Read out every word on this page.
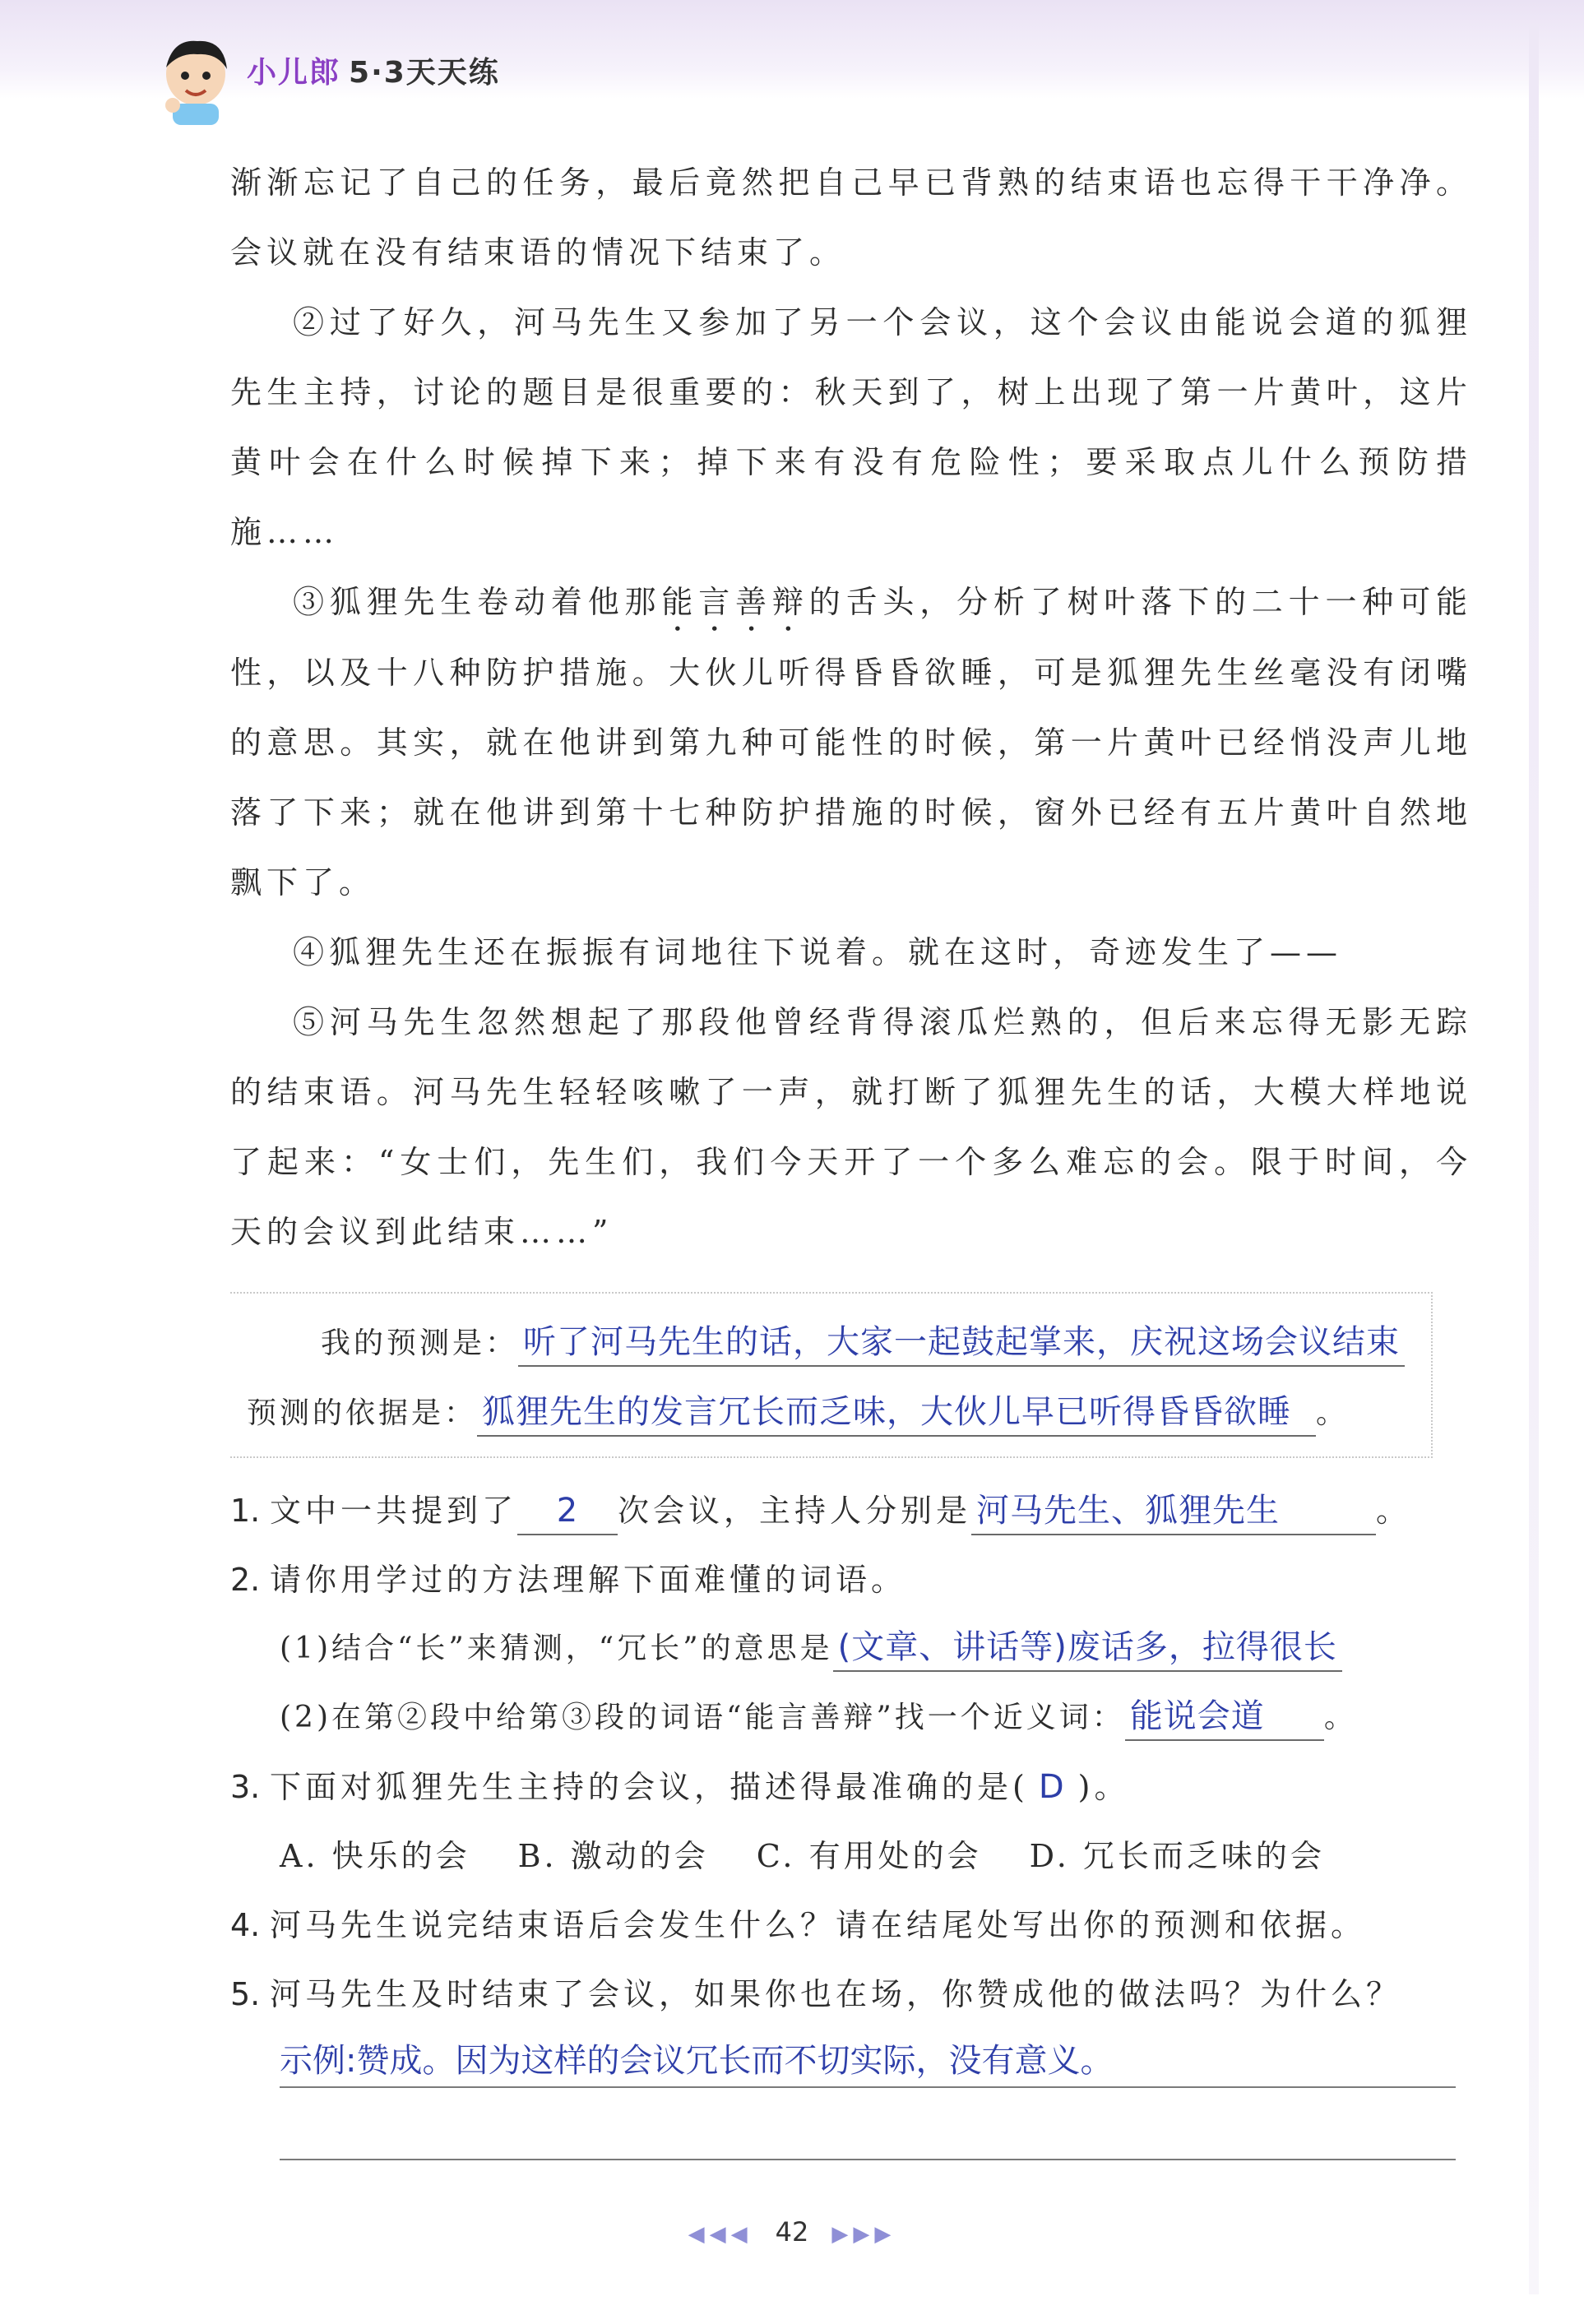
小儿郎 5·3天天练

渐渐忘记了自己的任务，最后竟然把自己早已背熟的结束语也忘得干干净净。会议就在没有结束语的情况下结束了。

②过了好久，河马先生又参加了另一个会议，这个会议由能说会道的狐狸先生主持，讨论的题目是很重要的：秋天到了，树上出现了第一片黄叶，这片黄叶会在什么时候掉下来；掉下来有没有危险性；要采取点儿什么预防措施……

③狐狸先生卷动着他那能言善辩的舌头，分析了树叶落下的二十一种可能性，以及十八种防护措施。大伙儿听得昏昏欲睡，可是狐狸先生丝毫没有闭嘴的意思。其实，就在他讲到第九种可能性的时候，第一片黄叶已经悄没声儿地落了下来；就在他讲到第十七种防护措施的时候，窗外已经有五片黄叶自然地飘下了。

④狐狸先生还在振振有词地往下说着。就在这时，奇迹发生了——

⑤河马先生忽然想起了那段他曾经背得滚瓜烂熟的，但后来忘得无影无踪的结束语。河马先生轻轻咳嗽了一声，就打断了狐狸先生的话，大模大样地说了起来：“女士们，先生们，我们今天开了一个多么难忘的会。限于时间，今天的会议到此结束……”

我的预测是： 听了河马先生的话，大家一起鼓起掌来，庆祝这场会议结束
预测的依据是： 狐狸先生的发言冗长而乏味，大伙儿早已听得昏昏欲睡 。
1. 文中一共提到了 2 次会议，主持人分别是 河马先生、狐狸先生	。
2. 请你用学过的方法理解下面难懂的词语。
(1)结合“长”来猜测，“冗长”的意思是 (文章、讲话等)废话多，拉得很长
(2)在第②段中给第③段的词语“能言善辩”找一个近义词： 能说会道 。
3. 下面对狐狸先生主持的会议，描述得最准确的是( D )。
A. 快乐的会 B. 激动的会 C. 有用处的会 D. 冗长而乏味的会
4. 河马先生说完结束语后会发生什么？请在结尾处写出你的预测和依据。
5. 河马先生及时结束了会议，如果你也在场，你赞成他的做法吗？为什么？
示例:赞成。因为这样的会议冗长而不切实际，没有意义。
◀◀◀ 42 ▶▶▶
